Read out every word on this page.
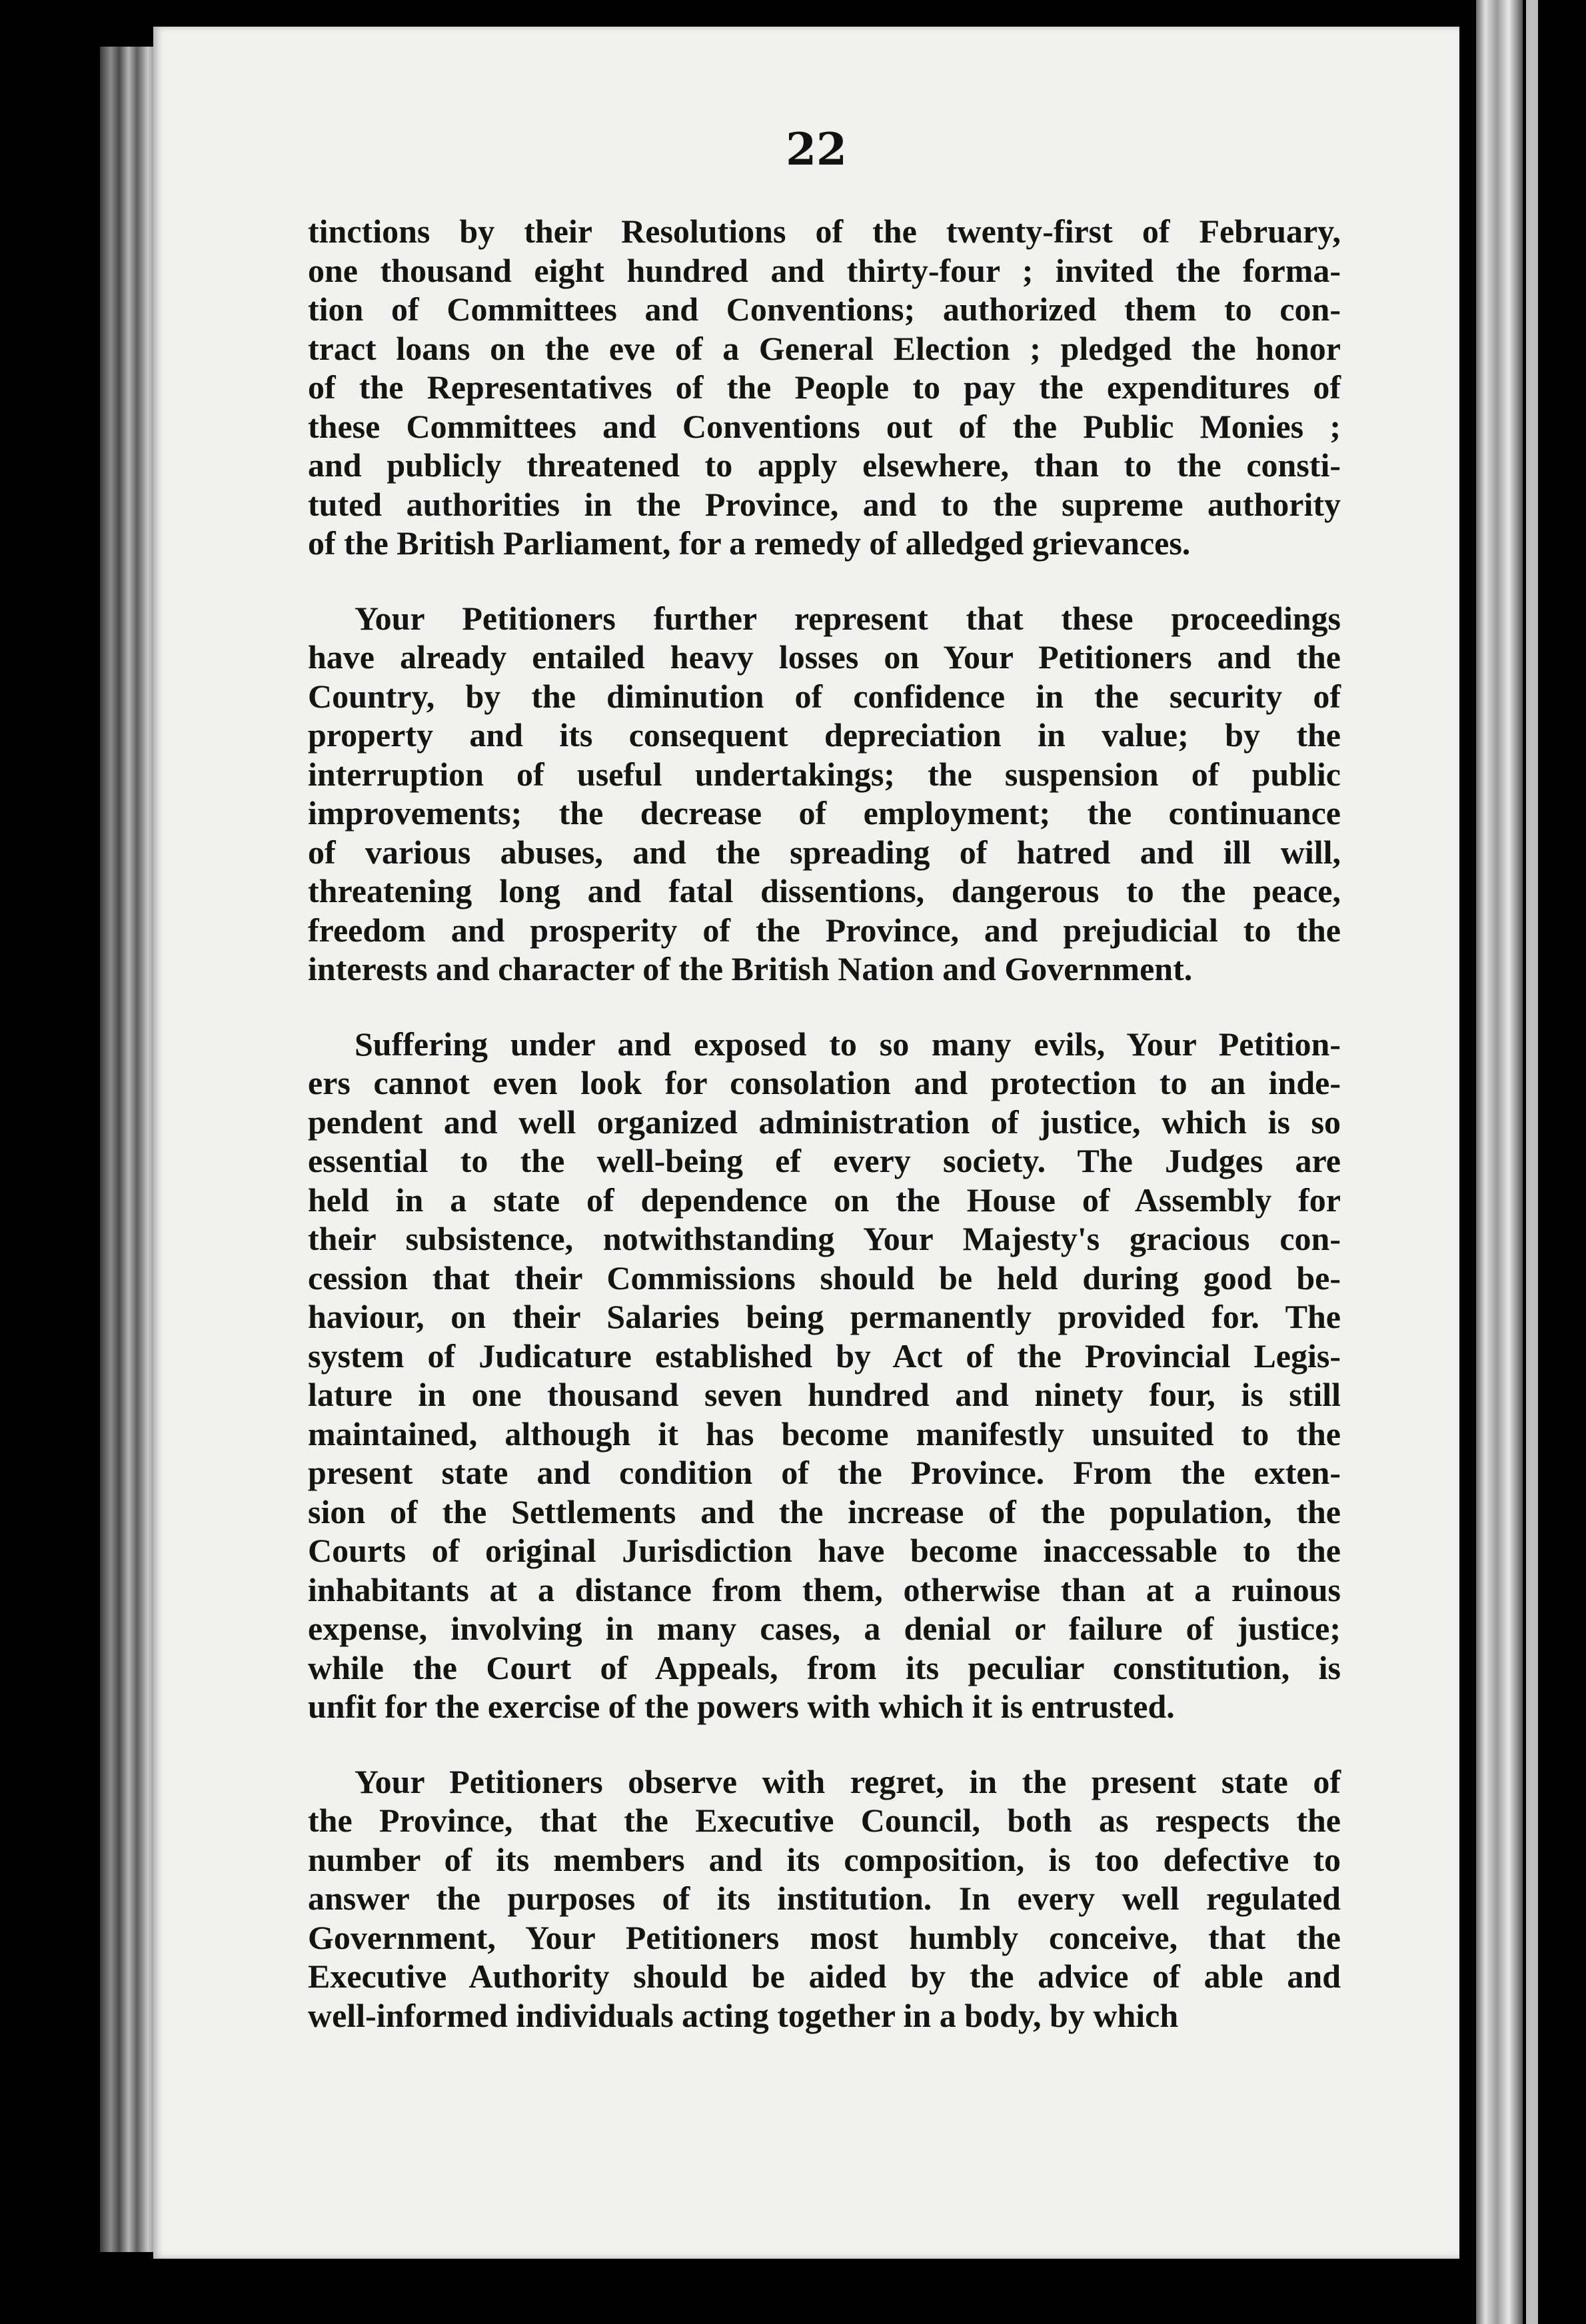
22
tinctions by their Resolutions of the twenty-first of February,
one thousand eight hundred and thirty-four ; invited the forma-
tion of Committees and Conventions; authorized them to con-
tract loans on the eve of a General Election ; pledged the honor
of the Representatives of the People to pay the expenditures of
these Committees and Conventions out of the Public Monies ;
and publicly threatened to apply elsewhere, than to the consti-
tuted authorities in the Province, and to the supreme authority
of the British Parliament, for a remedy of alledged grievances.
Your Petitioners further represent that these proceedings
have already entailed heavy losses on Your Petitioners and the
Country, by the diminution of confidence in the security of
property and its consequent depreciation in value; by the
interruption of useful undertakings; the suspension of public
improvements; the decrease of employment; the continuance
of various abuses, and the spreading of hatred and ill will,
threatening long and fatal dissentions, dangerous to the peace,
freedom and prosperity of the Province, and prejudicial to the
interests and character of the British Nation and Government.
Suffering under and exposed to so many evils, Your Petition-
ers cannot even look for consolation and protection to an inde-
pendent and well organized administration of justice, which is so
essential to the well-being ef every society. The Judges are
held in a state of dependence on the House of Assembly for
their subsistence, notwithstanding Your Majesty's gracious con-
cession that their Commissions should be held during good be-
haviour, on their Salaries being permanently provided for. The
system of Judicature established by Act of the Provincial Legis-
lature in one thousand seven hundred and ninety four, is still
maintained, although it has become manifestly unsuited to the
present state and condition of the Province. From the exten-
sion of the Settlements and the increase of the population, the
Courts of original Jurisdiction have become inaccessable to the
inhabitants at a distance from them, otherwise than at a ruinous
expense, involving in many cases, a denial or failure of justice;
while the Court of Appeals, from its peculiar constitution, is
unfit for the exercise of the powers with which it is entrusted.
Your Petitioners observe with regret, in the present state of
the Province, that the Executive Council, both as respects the
number of its members and its composition, is too defective to
answer the purposes of its institution. In every well regulated
Government, Your Petitioners most humbly conceive, that the
Executive Authority should be aided by the advice of able and
well-informed individuals acting together in a body, by which
